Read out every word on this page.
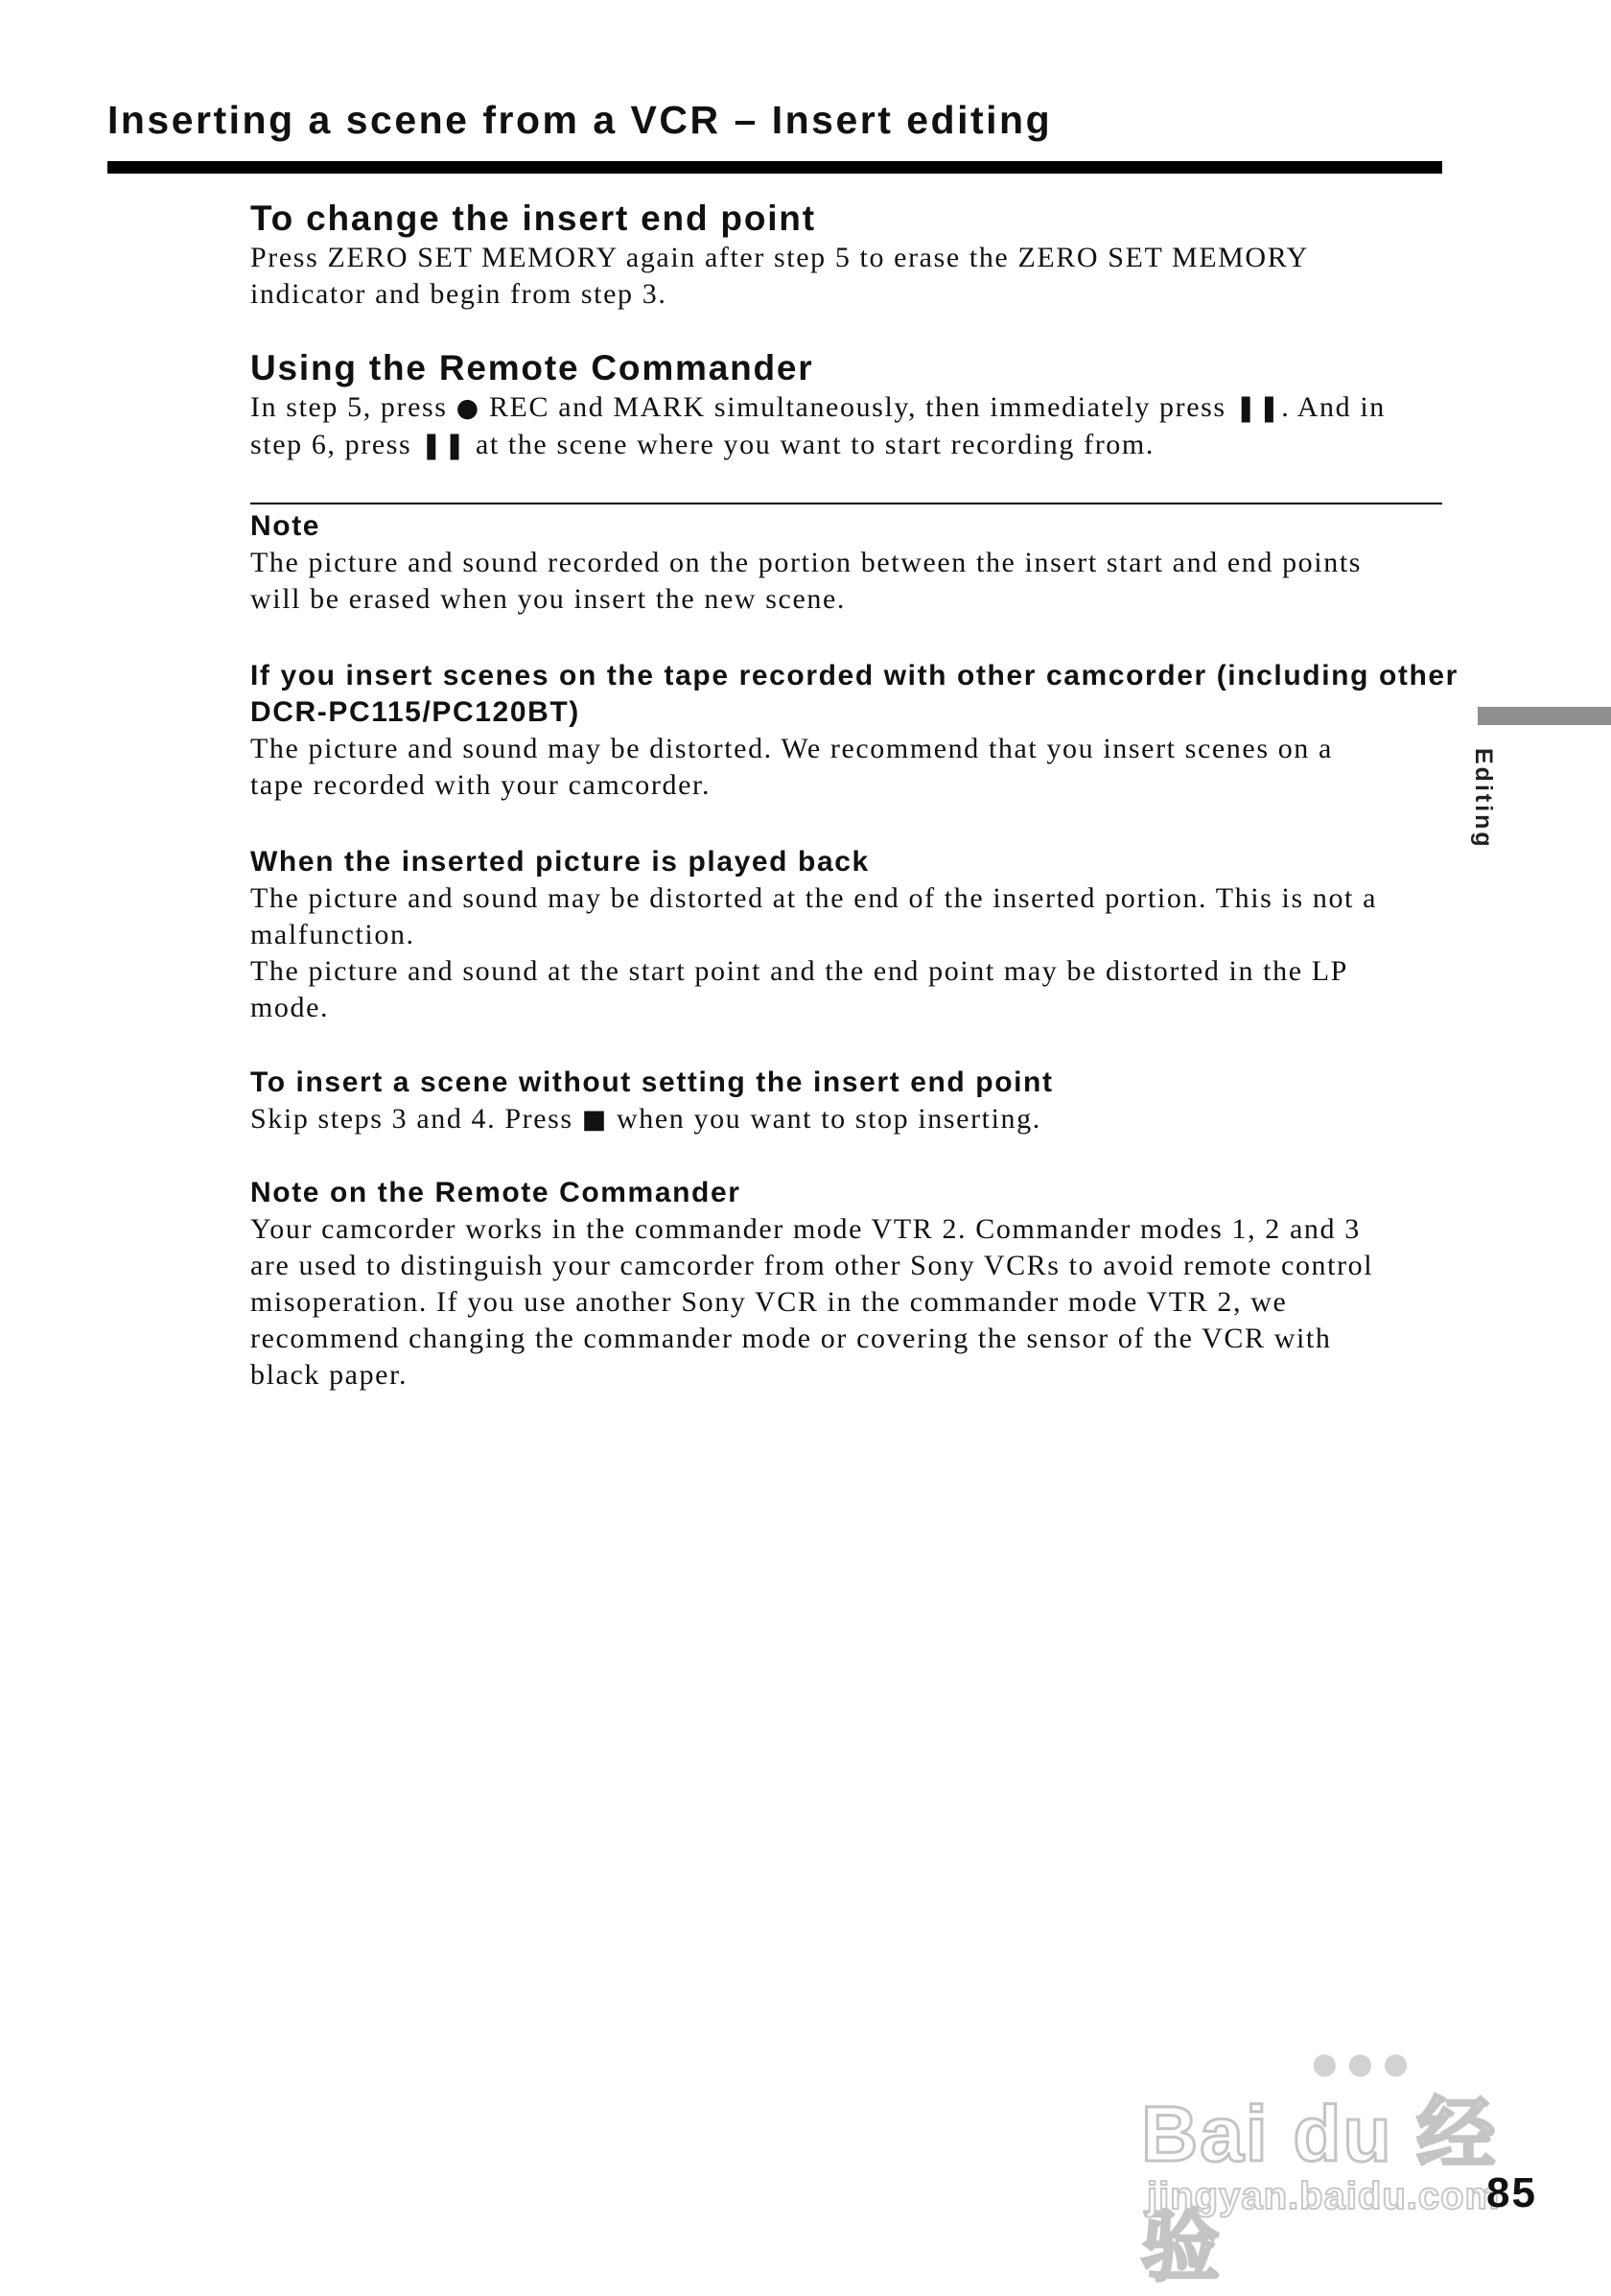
Inserting a scene from a VCR – Insert editing

To change the insert end point

Press ZERO SET MEMORY again after step 5 to erase the ZERO SET MEMORY

indicator and begin from step 3.

Using the Remote Commander

In step 5, press ● REC and MARK simultaneously, then immediately press ❚❚. And in

step 6, press ❚❚ at the scene where you want to start recording from.

Note

The picture and sound recorded on the portion between the insert start and end points

will be erased when you insert the new scene.

If you insert scenes on the tape recorded with other camcorder (including other

DCR-PC115/PC120BT)

The picture and sound may be distorted. We recommend that you insert scenes on a

tape recorded with your camcorder.

When the inserted picture is played back

The picture and sound may be distorted at the end of the inserted portion. This is not a

malfunction.

The picture and sound at the start point and the end point may be distorted in the LP

mode.

To insert a scene without setting the insert end point

Skip steps 3 and 4. Press ■ when you want to stop inserting.

Note on the Remote Commander

Your camcorder works in the commander mode VTR 2. Commander modes 1, 2 and 3

are used to distinguish your camcorder from other Sony VCRs to avoid remote control

misoperation. If you use another Sony VCR in the commander mode VTR 2, we

recommend changing the commander mode or covering the sensor of the VCR with

black paper.

Editing
● ● ●
Bai du 经验
jingyan.baidu.com
85
